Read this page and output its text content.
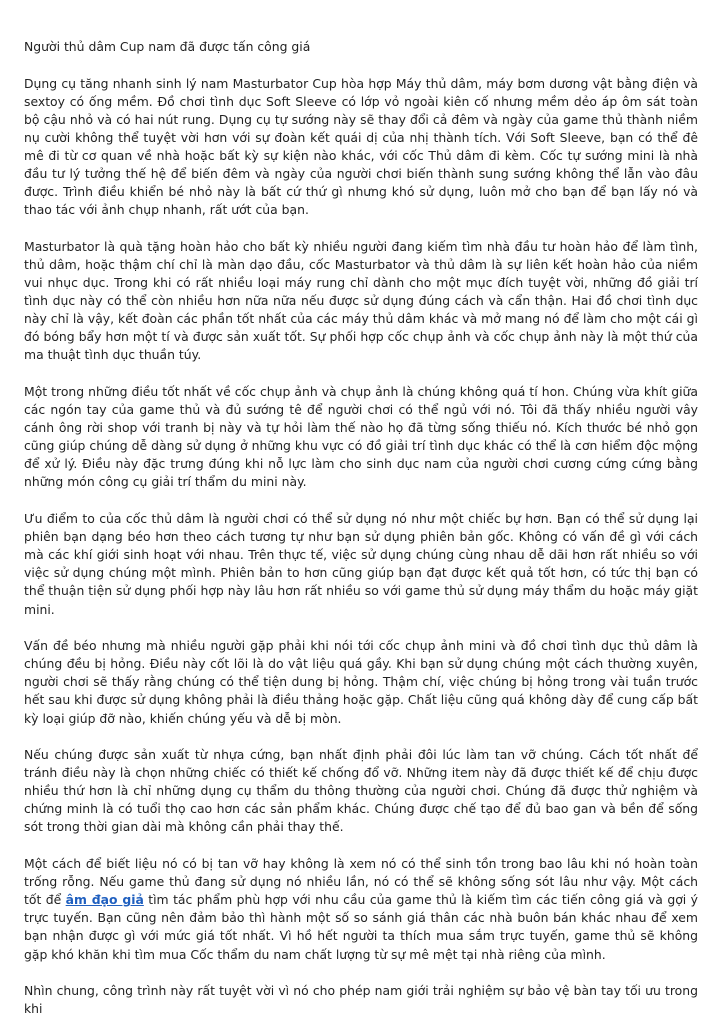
Người thủ dâm Cup nam đã được tấn công giá

Dụng cụ tăng nhanh sinh lý nam Masturbator Cup hòa hợp Máy thủ dâm, máy bơm dương vật bằng điện và sextoy có ống mềm. Đồ chơi tình dục Soft Sleeve có lớp vỏ ngoài kiên cố nhưng mềm dẻo áp ôm sát toàn bộ cậu nhỏ và có hai nút rung. Dụng cụ tự sướng này sẽ thay đổi cả đêm và ngày của game thủ thành niềm nụ cười không thể tuyệt vời hơn với sự đoàn kết quái dị của nhị thành tích. Với Soft Sleeve, bạn có thể đê mê đi từ cơ quan về nhà hoặc bất kỳ sự kiện nào khác, với cốc Thủ dâm đi kèm. Cốc tự sướng mini là nhà đầu tư lý tưởng thế hệ để biến đêm và ngày của người chơi biến thành sung sướng không thể lẫn vào đâu được. Trình điều khiển bé nhỏ này là bất cứ thứ gì nhưng khó sử dụng, luôn mở cho bạn để bạn lấy nó và thao tác với ảnh chụp nhanh, rất ướt của bạn.

Masturbator là quà tặng hoàn hảo cho bất kỳ nhiều người đang kiếm tìm nhà đầu tư hoàn hảo để làm tình, thủ dâm, hoặc thậm chí chỉ là màn dạo đầu, cốc Masturbator và thủ dâm là sự liên kết hoàn hảo của niềm vui nhục dục. Trong khi có rất nhiều loại máy rung chỉ dành cho một mục đích tuyệt vời, những đồ giải trí tình dục này có thể còn nhiều hơn nữa nữa nếu được sử dụng đúng cách và cẩn thận. Hai đồ chơi tình dục này chỉ là vậy, kết đoàn các phần tốt nhất của các máy thủ dâm khác và mở mang nó để làm cho một cái gì đó bóng bẩy hơn một tí và được sản xuất tốt. Sự phối hợp cốc chụp ảnh và cốc chụp ảnh này là một thứ của ma thuật tình dục thuần túy.

Một trong những điều tốt nhất về cốc chụp ảnh và chụp ảnh là chúng không quá tí hon. Chúng vừa khít giữa các ngón tay của game thủ và đủ sướng tê để người chơi có thể ngủ với nó. Tôi đã thấy nhiều người vây cánh ông rời shop với tranh bị này và tự hỏi làm thế nào họ đã từng sống thiếu nó. Kích thước bé nhỏ gọn cũng giúp chúng dễ dàng sử dụng ở những khu vực có đồ giải trí tình dục khác có thể là cơn hiểm độc mộng để xử lý. Điều này đặc trưng đúng khi nỗ lực làm cho sinh dục nam của người chơi cương cứng cứng bằng những món công cụ giải trí thẩm du mini này.

Ưu điểm to của cốc thủ dâm là người chơi có thể sử dụng nó như một chiếc bự hơn. Bạn có thể sử dụng lại phiên bạn dạng béo hơn theo cách tương tự như bạn sử dụng phiên bản gốc. Không có vấn đề gì với cách mà các khí giới sinh hoạt với nhau. Trên thực tế, việc sử dụng chúng cùng nhau dễ dãi hơn rất nhiều so với việc sử dụng chúng một mình. Phiên bản to hơn cũng giúp bạn đạt được kết quả tốt hơn, có tức thị bạn có thể thuận tiện sử dụng phối hợp này lâu hơn rất nhiều so với game thủ sử dụng máy thẩm du hoặc máy giặt mini.

Vấn đề béo nhưng mà nhiều người gặp phải khi nói tới cốc chụp ảnh mini và đồ chơi tình dục thủ dâm là chúng đều bị hỏng. Điều này cốt lõi là do vật liệu quá gầy. Khi bạn sử dụng chúng một cách thường xuyên, người chơi sẽ thấy rằng chúng có thể tiện dung bị hỏng. Thậm chí, việc chúng bị hỏng trong vài tuần trước hết sau khi được sử dụng không phải là điều thảng hoặc gặp. Chất liệu cũng quá không dày để cung cấp bất kỳ loại giúp đỡ nào, khiến chúng yếu và dễ bị mòn.

Nếu chúng được sản xuất từ nhựa cứng, bạn nhất định phải đôi lúc làm tan vỡ chúng. Cách tốt nhất để tránh điều này là chọn những chiếc có thiết kế chống đổ vỡ. Những item này đã được thiết kế để chịu được nhiều thứ hơn là chỉ những dụng cụ thẩm du thông thường của người chơi. Chúng đã được thử nghiệm và chứng minh là có tuổi thọ cao hơn các sản phẩm khác. Chúng được chế tạo để đủ bao gan và bền để sống sót trong thời gian dài mà không cần phải thay thế.

Một cách để biết liệu nó có bị tan vỡ hay không là xem nó có thể sinh tồn trong bao lâu khi nó hoàn toàn trống rỗng. Nếu game thủ đang sử dụng nó nhiều lần, nó có thể sẽ không sống sót lâu như vậy. Một cách tốt để âm đạo giả tìm tác phẩm phù hợp với nhu cầu của game thủ là kiếm tìm các tiến công giá và gợi ý trực tuyến. Bạn cũng nên đảm bảo thì hành một số so sánh giá thân các nhà buôn bán khác nhau để xem bạn nhận được gì với mức giá tốt nhất. Vì hồ hết người ta thích mua sắm trực tuyến, game thủ sẽ không gặp khó khăn khi tìm mua Cốc thẩm du nam chất lượng từ sự mê mệt tại nhà riêng của mình.

Nhìn chung, công trình này rất tuyệt vời vì nó cho phép nam giới trải nghiệm sự bảo vệ bàn tay tối ưu trong khi
